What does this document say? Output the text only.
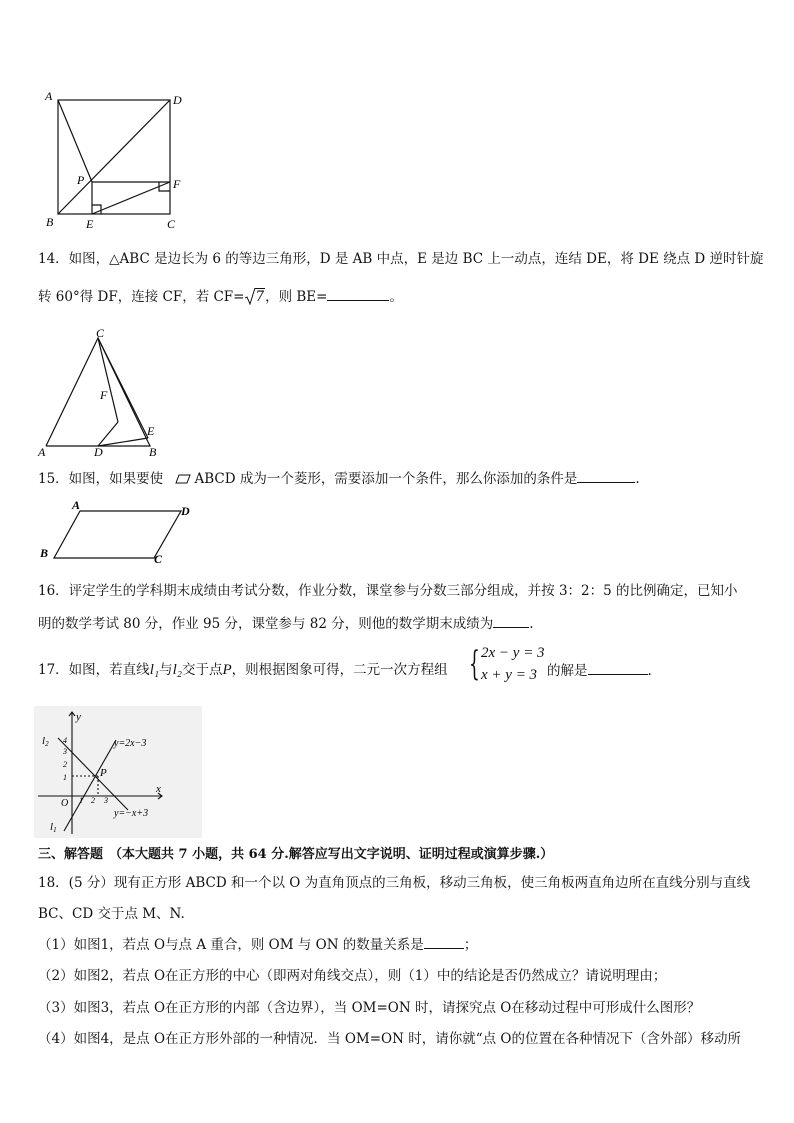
A	D
P	F
B	E	C
14．如图，△ABC 是边长为 6 的等边三角形，D 是 AB 中点，E 是边 BC 上一动点，连结 DE，将 DE 绕点 D 逆时针旋
转 60°得 DF，连接 CF，若 CF= 7，则 BE=	。
C
F
E
A	D	B
15．如图，如果要使 ABCD 成为一个菱形，需要添加一个条件，那么你添加的条件是	.
A	D
B	C
16．评定学生的学科期末成绩由考试分数，作业分数，课堂参与分数三部分组成，并按 3：2：5 的比例确定，已知小
明的数学考试 80 分，作业 95 分，课堂参与 82 分，则他的数学期末成绩为	.
17．如图，若直线l₁与l₂交于点P，则根据图象可得，二元一次方程组 { 2x − y = 3
x + y = 3 的解是	.
y
x
O
P
1 2 3
1
2
3
4
l2
l1
y=2x−3
y=−x+3
三、解答题 （本大题共 7 小题，共 64 分.解答应写出文字说明、证明过程或演算步骤.）
18．(5 分）现有正方形 ABCD 和一个以 O 为直角顶点的三角板，移动三角板，使三角板两直角边所在直线分别与直线
BC、CD 交于点 M、N.
（1）如图1，若点 O与点 A 重合，则 OM 与 ON 的数量关系是	；
（2）如图2，若点 O在正方形的中心（即两对角线交点），则（1）中的结论是否仍然成立？请说明理由；
（3）如图3，若点 O在正方形的内部（含边界），当 OM=ON 时，请探究点 O在移动过程中可形成什么图形？
（4）如图4，是点 O在正方形外部的一种情况．当 OM=ON 时，请你就“点 O的位置在各种情况下（含外部）移动所
